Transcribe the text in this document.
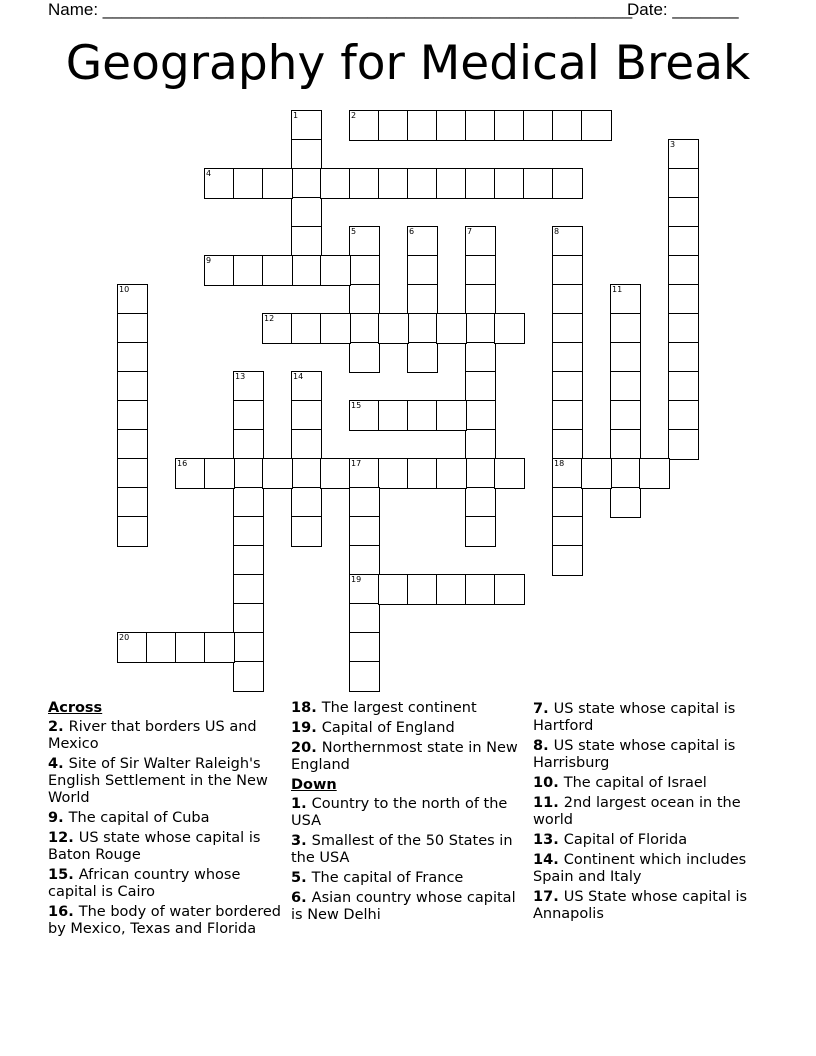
Name: ________________________________________________________
Date: _______
Geography for Medical Break
1	2
3
4
5	6	7	8
18
9
10	11
12
13	14
15
16	17
19
20
Across
2. River that borders US and Mexico
4. Site of Sir Walter Raleigh's English Settlement in the New World
9. The capital of Cuba
12. US state whose capital is Baton Rouge
15. African country whose capital is Cairo
16. The body of water bordered by Mexico, Texas and Florida
18. The largest continent
19. Capital of England
20. Northernmost state in New England
Down
1. Country to the north of the USA
3. Smallest of the 50 States in the USA
5. The capital of France
6. Asian country whose capital is New Delhi
7. US state whose capital is Hartford
8. US state whose capital is Harrisburg
10. The capital of Israel
11. 2nd largest ocean in the world
13. Capital of Florida
14. Continent which includes Spain and Italy
17. US State whose capital is Annapolis
